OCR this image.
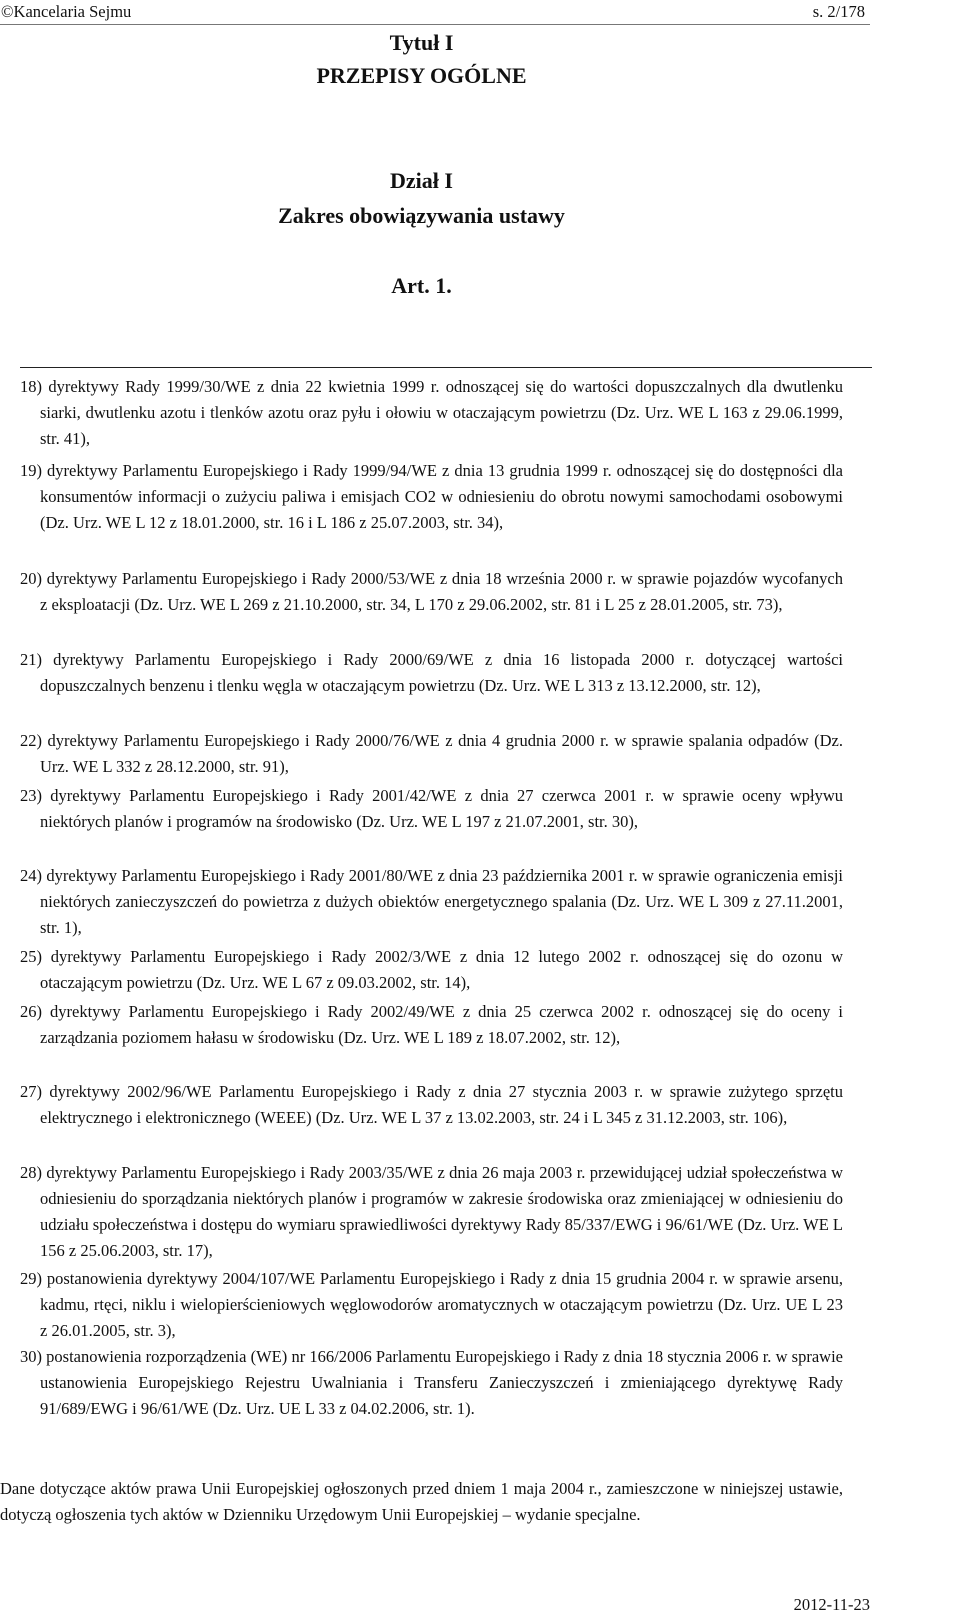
©Kancelaria Sejmu	s. 2/178
Tytuł I
PRZEPISY OGÓLNE
Dział I
Zakres obowiązywania ustawy
Art. 1.
18) dyrektywy Rady 1999/30/WE z dnia 22 kwietnia 1999 r. odnoszącej się do wartości dopuszczalnych dla dwutlenku siarki, dwutlenku azotu i tlenków azotu oraz pyłu i ołowiu w otaczającym powietrzu (Dz. Urz. WE L 163 z 29.06.1999, str. 41),
19) dyrektywy Parlamentu Europejskiego i Rady 1999/94/WE z dnia 13 grudnia 1999 r. odnoszącej się do dostępności dla konsumentów informacji o zużyciu paliwa i emisjach CO2 w odniesieniu do obrotu nowymi samochodami osobowymi (Dz. Urz. WE L 12 z 18.01.2000, str. 16 i L 186 z 25.07.2003, str. 34),
20) dyrektywy Parlamentu Europejskiego i Rady 2000/53/WE z dnia 18 września 2000 r. w sprawie pojazdów wycofanych z eksploatacji (Dz. Urz. WE L 269 z 21.10.2000, str. 34, L 170 z 29.06.2002, str. 81 i L 25 z 28.01.2005, str. 73),
21) dyrektywy Parlamentu Europejskiego i Rady 2000/69/WE z dnia 16 listopada 2000 r. dotyczącej wartości dopuszczalnych benzenu i tlenku węgla w otaczającym powietrzu (Dz. Urz. WE L 313 z 13.12.2000, str. 12),
22) dyrektywy Parlamentu Europejskiego i Rady 2000/76/WE z dnia 4 grudnia 2000 r. w sprawie spalania odpadów (Dz. Urz. WE L 332 z 28.12.2000, str. 91),
23) dyrektywy Parlamentu Europejskiego i Rady 2001/42/WE z dnia 27 czerwca 2001 r. w sprawie oceny wpływu niektórych planów i programów na środowisko (Dz. Urz. WE L 197 z 21.07.2001, str. 30),
24) dyrektywy Parlamentu Europejskiego i Rady 2001/80/WE z dnia 23 października 2001 r. w sprawie ograniczenia emisji niektórych zanieczyszczeń do powietrza z dużych obiektów energetycznego spalania (Dz. Urz. WE L 309 z 27.11.2001, str. 1),
25) dyrektywy Parlamentu Europejskiego i Rady 2002/3/WE z dnia 12 lutego 2002 r. odnoszącej się do ozonu w otaczającym powietrzu (Dz. Urz. WE L 67 z 09.03.2002, str. 14),
26) dyrektywy Parlamentu Europejskiego i Rady 2002/49/WE z dnia 25 czerwca 2002 r. odnoszącej się do oceny i zarządzania poziomem hałasu w środowisku (Dz. Urz. WE L 189 z 18.07.2002, str. 12),
27) dyrektywy 2002/96/WE Parlamentu Europejskiego i Rady z dnia 27 stycznia 2003 r. w sprawie zużytego sprzętu elektrycznego i elektronicznego (WEEE) (Dz. Urz. WE L 37 z 13.02.2003, str. 24 i L 345 z 31.12.2003, str. 106),
28) dyrektywy Parlamentu Europejskiego i Rady 2003/35/WE z dnia 26 maja 2003 r. przewidującej udział społeczeństwa w odniesieniu do sporządzania niektórych planów i programów w zakresie środowiska oraz zmieniającej w odniesieniu do udziału społeczeństwa i dostępu do wymiaru sprawiedliwości dyrektywy Rady 85/337/EWG i 96/61/WE (Dz. Urz. WE L 156 z 25.06.2003, str. 17),
29) postanowienia dyrektywy 2004/107/WE Parlamentu Europejskiego i Rady z dnia 15 grudnia 2004 r. w sprawie arsenu, kadmu, rtęci, niklu i wielopierścieniowych węglowodorów aromatycznych w otaczającym powietrzu (Dz. Urz. UE L 23 z 26.01.2005, str. 3),
30) postanowienia rozporządzenia (WE) nr 166/2006 Parlamentu Europejskiego i Rady z dnia 18 stycznia 2006 r. w sprawie ustanowienia Europejskiego Rejestru Uwalniania i Transferu Zanieczyszczeń i zmieniającego dyrektywę Rady 91/689/EWG i 96/61/WE (Dz. Urz. UE L 33 z 04.02.2006, str. 1).
Dane dotyczące aktów prawa Unii Europejskiej ogłoszonych przed dniem 1 maja 2004 r., zamieszczone w niniejszej ustawie, dotyczą ogłoszenia tych aktów w Dzienniku Urzędowym Unii Europejskiej – wydanie specjalne.
2012-11-23
